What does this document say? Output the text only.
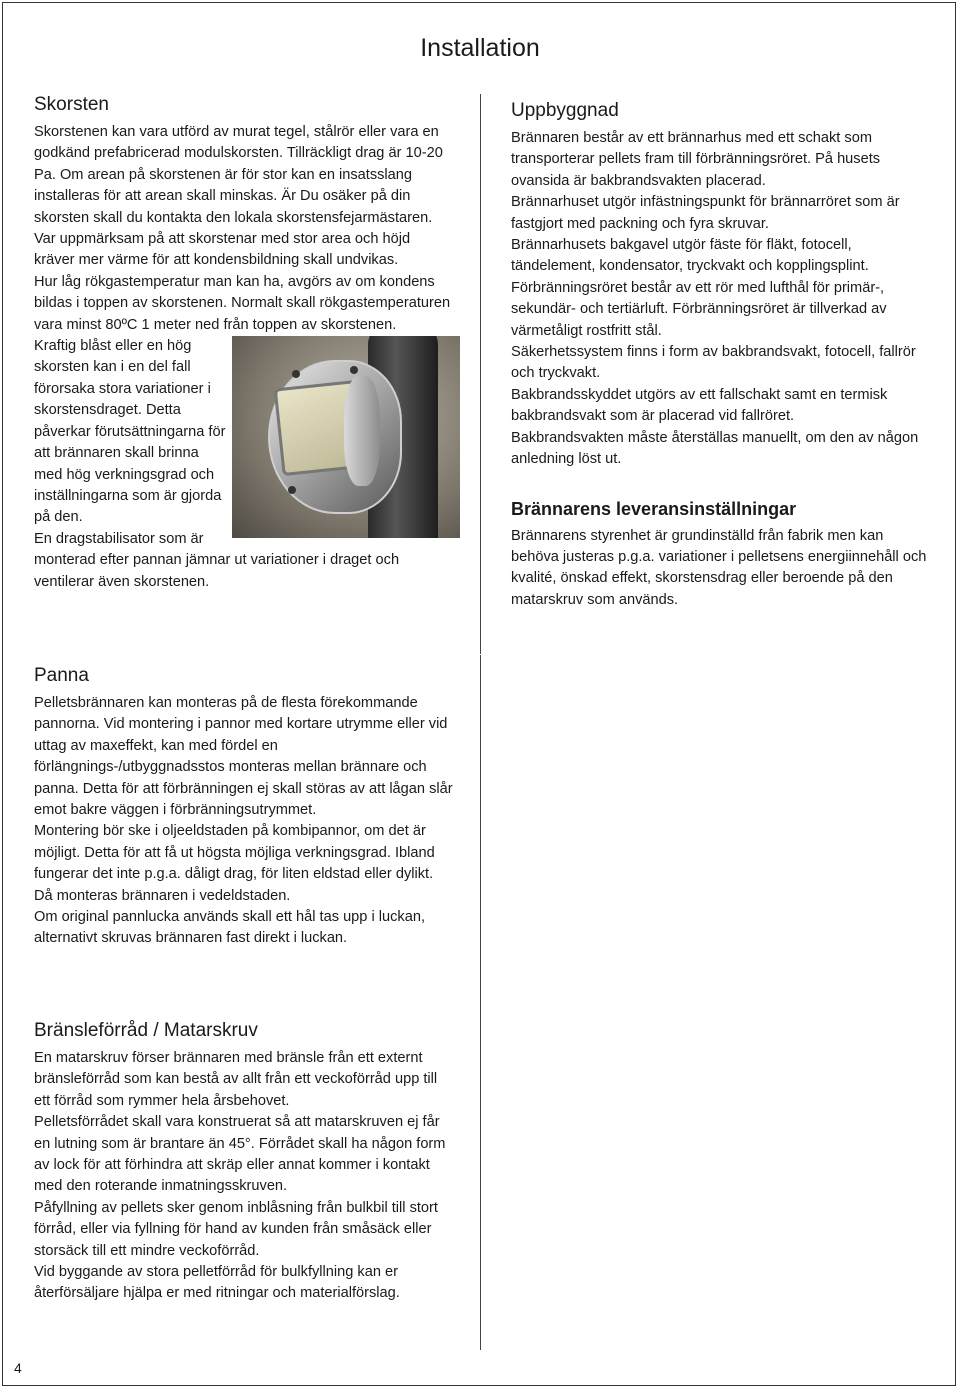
Installation
Skorsten

Skorstenen kan vara utförd av murat tegel, stålrör eller vara en godkänd prefabricerad modulskorsten. Tillräckligt drag är 10-20 Pa. Om arean på skorstenen är för stor kan en insatsslang installeras för att arean skall minskas. Är Du osäker på din skorsten skall du kontakta den lokala skorstensfejarmästaren.

Var uppmärksam på att skorstenar med stor area och höjd kräver mer värme för att kondensbildning skall undvikas.

Hur låg rökgastemperatur man kan ha, avgörs av om kondens bildas i toppen av skorstenen. Normalt skall rökgastemperaturen vara minst 80ºC 1 meter ned från toppen av skorstenen.

Kraftig blåst eller en hög skorsten kan i en del fall förorsaka stora variationer i skorstensdraget. Detta påverkar förutsättningarna för att brännaren skall brinna med hög verkningsgrad och inställningarna som är gjorda på den.

En dragstabilisator som är monterad efter pannan jämnar ut variationer i draget och ventilerar även skorstenen.

Panna

Pelletsbrännaren kan monteras på de flesta förekommande pannorna. Vid montering i pannor med kortare utrymme eller vid uttag av maxeffekt, kan med fördel en förlängnings-/utbyggnadsstos monteras mellan brännare och panna. Detta för att förbränningen ej skall störas av att lågan slår emot bakre väggen i förbränningsutrymmet.

Montering bör ske i oljeeldstaden på kombipannor, om det är möjligt. Detta för att få ut högsta möjliga verkningsgrad. Ibland fungerar det inte p.g.a. dåligt drag, för liten eldstad eller dylikt. Då monteras brännaren i vedeldstaden.

Om original pannlucka används skall ett hål tas upp i luckan, alternativt skruvas brännaren fast direkt i luckan.

Bränsleförråd / Matarskruv

En matarskruv förser brännaren med bränsle från ett externt bränsleförråd som kan bestå av allt från ett veckoförråd upp till ett förråd som rymmer hela årsbehovet.

Pelletsförrådet skall vara konstruerat så att matarskruven ej får en lutning som är brantare än 45°. Förrådet skall ha någon form av lock för att förhindra att skräp eller annat kommer i kontakt med den roterande inmatningsskruven.

Påfyllning av pellets sker genom inblåsning från bulkbil till stort förråd, eller via fyllning för hand av kunden från småsäck eller storsäck till ett mindre veckoförråd.

Vid byggande av stora pelletförråd för bulkfyllning kan er återförsäljare hjälpa er med ritningar och materialförslag.

Uppbyggnad

Brännaren består av ett brännarhus med ett schakt som transporterar pellets fram till förbränningsröret. På husets ovansida är bakbrandsvakten placerad.

Brännarhuset utgör infästningspunkt för brännarröret som är fastgjort med packning och fyra skruvar.

Brännarhusets bakgavel utgör fäste för fläkt, fotocell, tändelement, kondensator, tryckvakt och kopplingsplint.

Förbränningsröret består av ett rör med lufthål för primär-, sekundär- och tertiärluft. Förbränningsröret är tillverkad av värmetåligt rostfritt stål.

Säkerhetssystem finns i form av bakbrandsvakt, fotocell, fallrör och tryckvakt.

Bakbrandsskyddet utgörs av ett fallschakt samt en termisk bakbrandsvakt som är placerad vid fallröret.

Bakbrandsvakten måste återställas manuellt, om den av någon anledning löst ut.

Brännarens leveransinställningar

Brännarens styrenhet är grundinställd från fabrik men kan behöva justeras p.g.a. variationer i pelletsens energiinnehåll och kvalité, önskad effekt, skorstensdrag eller beroende på den matarskruv som används.

4
